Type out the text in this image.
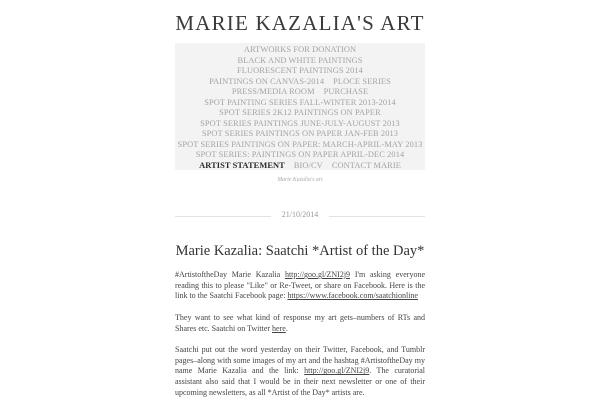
MARIE KAZALIA'S ART
ARTWORKS FOR DONATION
BLACK AND WHITE PAINTINGS
FLUORESCENT PAINTINGS 2014
PAINTINGS ON CANVAS-2014 PLOCE SERIES
PRESS/MEDIA ROOM PURCHASE
SPOT PAINTING SERIES FALL-WINTER 2013-2014
SPOT SERIES 2K12 PAINTINGS ON PAPER
SPOT SERIES PAINTINGS JUNE-JULY-AUGUST 2013
SPOT SERIES PAINTINGS ON PAPER JAN-FEB 2013
SPOT SERIES PAINTINGS ON PAPER: MARCH-APRIL-MAY 2013
SPOT SERIES: PAINTINGS ON PAPER APRIL-DEC 2014
ARTIST STATEMENT BIO/CV CONTACT MARIE
Marie Kazalia's art
21/10/2014
Marie Kazalia: Saatchi *Artist of the Day*

#ArtistoftheDay Marie Kazalia http://goo.gl/ZNI2j9 I'm asking everyone reading this to please "Like" or Re-Tweet, or share on Facebook. Here is the link to the Saatchi Facebook page: https://www.facebook.com/saatchionline

They want to see what kind of response my art gets–numbers of RTs and Shares etc. Saatchi on Twitter here.

Saatchi put out the word yesterday on their Twitter, Facebook, and Tumblr pages–along with some images of my art and the hashtag #ArtistoftheDay my name Marie Kazalia and the link: http://goo.gl/ZNI2j9. The curatorial assistant also said that I would be in their next newsletter or one of their upcoming newsletters, as all *Artist of the Day* artists are.
